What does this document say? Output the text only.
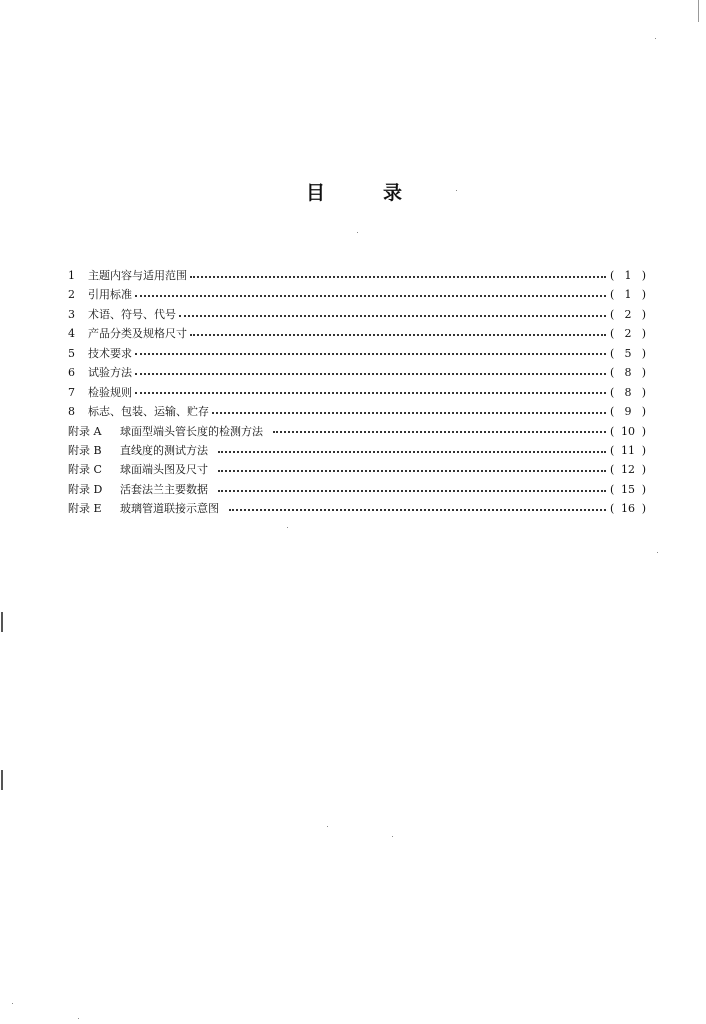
目	录
1	主题内容与适用范围	( 1 )
2	引用标准	( 1 )
3	术语、符号、代号	( 2 )
4	产品分类及规格尺寸	( 2 )
5	技术要求	( 5 )
6	试验方法	( 8 )
7	检验规则	( 8 )
8	标志、包装、运输、贮存	( 9 )
附录 A	球面型端头管长度的检测方法	( 10 )
附录 B	直线度的测试方法	( 11 )
附录 C	球面端头图及尺寸	( 12 )
附录 D	活套法兰主要数据	( 15 )
附录 E	玻璃管道联接示意图	( 16 )
